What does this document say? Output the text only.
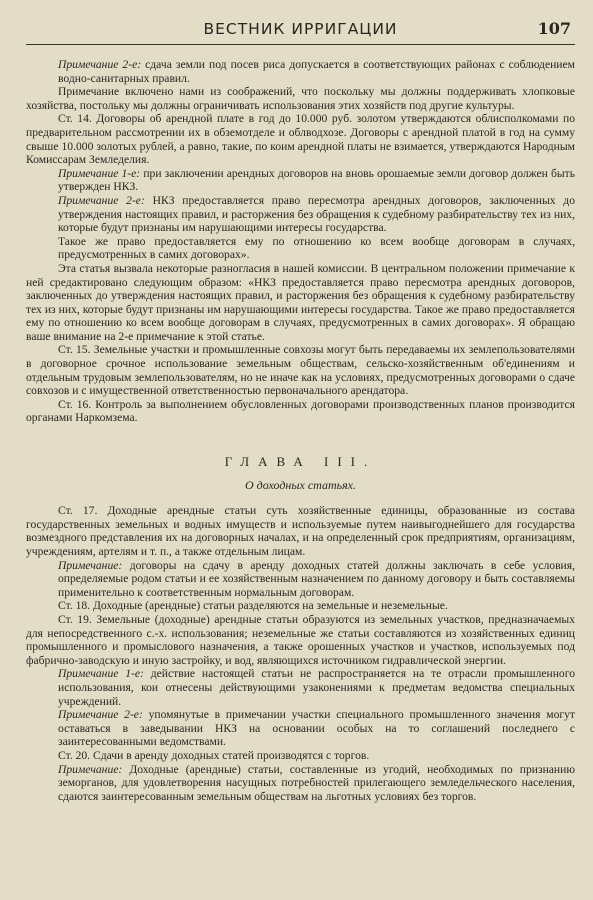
ВЕСТНИК ИРРИГАЦИИ	107

Примечание 2-е: сдача земли под посев риса допускается в соответствующих районах с соблюдением водно-санитарных правил.

Примечание включено нами из соображений, что поскольку мы должны поддерживать хлопковые хозяйства, постольку мы должны ограничивать использования этих хозяйств под другие культуры.

Ст. 14. Договоры об арендной плате в год до 10.000 руб. золотом утверждаются облисполкомами по предварительном рассмотрении их в обземотделе и облводхозе. Договоры с арендной платой в год на сумму свыше 10.000 золотых рублей, а равно, такие, по коим арендной платы не взимается, утверждаются Народным Комиссарам Земледелия.

Примечание 1-е: при заключении арендных договоров на вновь орошаемые земли договор должен быть утвержден НКЗ.

Примечание 2-е: НКЗ предоставляется право пересмотра арендных договоров, заключенных до утверждения настоящих правил, и расторжения без обращения к судебному разбирательству тех из них, которые будут признаны им нарушающими интересы государства.

Такое же право предоставляется ему по отношению ко всем вообще договорам в случаях, предусмотренных в самих договорах».

Эта статья вызвала некоторые разногласия в нашей комиссии. В центральном положении примечание к ней средактировано следующим образом: «НКЗ предоставляется право пересмотра арендных договоров, заключенных до утверждения настоящих правил, и расторжения без обращения к судебному разбирательству тех из них, которые будут признаны им нарушающими интересы государства. Такое же право предоставляется ему по отношению ко всем вообще договорам в случаях, предусмотренных в самих договорах». Я обращаю ваше внимание на 2-е примечание к этой статье.

Ст. 15. Земельные участки и промышленные совхозы могут быть передаваемы их землепользователями в договорное срочное использование земельным обществам, сельско-хозяйственным об'единениям и отдельным трудовым землепользователям, но не иначе как на условиях, предусмотренных договорами о сдаче совхозов и с имущественной ответственностью первоначального арендатора.

Ст. 16. Контроль за выполнением обусловленных договорами производственных планов производится органами Наркомзема.

ГЛАВА III.
О доходных статьях.

Ст. 17. Доходные арендные статьи суть хозяйственные единицы, образованные из состава государственных земельных и водных имуществ и используемые путем наивыгоднейшего для государства возмездного представления их на договорных началах, и на определенный срок предприятиям, организациям, учреждениям, артелям и т. п., а также отдельным лицам.

Примечание: договоры на сдачу в аренду доходных статей должны заключать в себе условия, определяемые родом статьи и ее хозяйственным назначением по данному договору и быть составляемы применительно к соответственным нормальным договорам.

Ст. 18. Доходные (арендные) статьи разделяются на земельные и неземельные.

Ст. 19. Земельные (доходные) арендные статьи образуются из земельных участков, предназначаемых для непосредственного с.-х. использования; неземельные же статьи составляются из хозяйственных единиц промышленного и промыслового назначения, а также орошенных участков и участков, используемых под фабрично-заводскую и иную застройку, и вод, являющихся источником гидравлической энергии.

Примечание 1-е: действие настоящей статьи не распространяется на те отрасли промышленного использования, кои отнесены действующими узаконениями к предметам ведомства специальных учреждений.

Примечание 2-е: упомянутые в примечании участки специального промышленного значения могут оставаться в заведывании НКЗ на основании особых на то соглашений последнего с заинтересованными ведомствами.

Ст. 20. Сдачи в аренду доходных статей производятся с торгов.

Примечание: Доходные (арендные) статьи, составленные из угодий, необходимых по признанию земорганов, для удовлетворения насущных потребностей прилегающего земледельческого населения, сдаются заинтересованным земельным обществам на льготных условиях без торгов.
